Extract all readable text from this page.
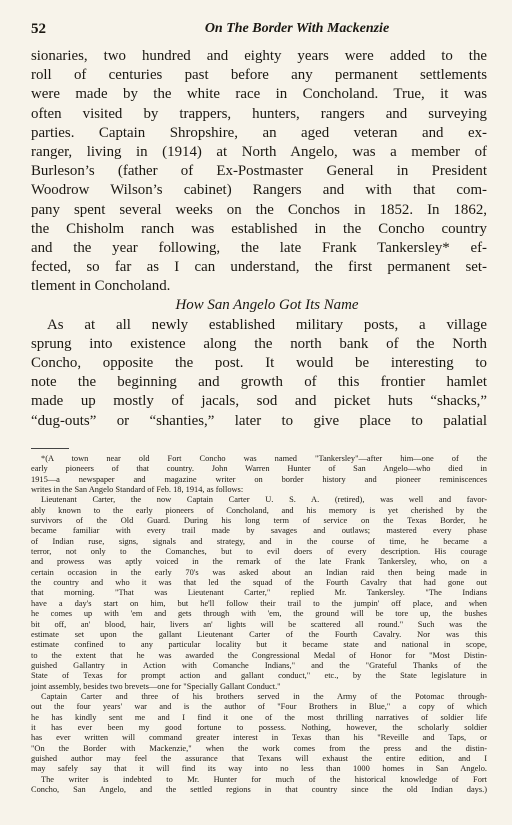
52	On The Border With Mackenzie
sionaries, two hundred and eighty years were added to the
roll of centuries past before any permanent settlements
were made by the white race in Concholand. True, it was
often visited by trappers, hunters, rangers and surveying
parties. Captain Shropshire, an aged veteran and ex-
ranger, living in (1914) at North Angelo, was a member of
Burleson’s (father of Ex-Postmaster General in President
Woodrow Wilson’s cabinet) Rangers and with that com-
pany spent several weeks on the Conchos in 1852. In 1862,
the Chisholm ranch was established in the Concho country
and the year following, the late Frank Tankersley* ef-
fected, so far as I can understand, the first permanent set-
tlement in Concholand.
How San Angelo Got Its Name
As at all newly established military posts, a village
sprung into existence along the north bank of the North
Concho, opposite the post. It would be interesting to
note the beginning and growth of this frontier hamlet
made up mostly of jacals, sod and picket huts “shacks,”
“dug-outs” or “shanties,” later to give place to palatial
*(A town near old Fort Concho was named "Tankersley"—after him—one of the
early pioneers of that country. John Warren Hunter of San Angelo—who died in
1915—a newspaper and magazine writer on border history and pioneer reminiscences
writes in the San Angelo Standard of Feb. 18, 1914, as follows:
Lieutenant Carter, the now Captain Carter U. S. A. (retired), was well and favor-
ably known to the early pioneers of Concholand, and his memory is yet cherished by the
survivors of the Old Guard. During his long term of service on the Texas Border, he
became familiar with every trail made by savages and outlaws; mastered every phase
of Indian ruse, signs, signals and strategy, and in the course of time, he became a
terror, not only to the Comanches, but to evil doers of every description. His courage
and prowess was aptly voiced in the remark of the late Frank Tankersley, who, on a
certain occasion in the early 70's was asked about an Indian raid then being made in
the country and who it was that led the squad of the Fourth Cavalry that had gone out
that morning. "That was Lieutenant Carter," replied Mr. Tankersley. "The Indians
have a day's start on him, but he'll follow their trail to the jumpin' off place, and when
he comes up with 'em and gets through with 'em, the ground will be tore up, the bushes
bit off, an' blood, hair, livers an' lights will be scattered all round." Such was the
estimate set upon the gallant Lieutenant Carter of the Fourth Cavalry. Nor was this
estimate confined to any particular locality but it became state and national in scope,
to the extent that he was awarded the Congressional Medal of Honor for "Most Distin-
guished Gallantry in Action with Comanche Indians," and the "Grateful Thanks of the
State of Texas for prompt action and gallant conduct," etc., by the State legislature in
joint assembly, besides two brevets—one for "Specially Gallant Conduct."
Captain Carter and three of his brothers served in the Army of the Potomac through-
out the four years' war and is the author of "Four Brothers in Blue," a copy of which
he has kindly sent me and I find it one of the most thrilling narratives of soldier life
it has ever been my good fortune to possess. Nothing, however, the scholarly soldier
has ever written will command greater interest in Texas than his "Reveille and Taps, or
"On the Border with Mackenzie," when the work comes from the press and the distin-
guished author may feel the assurance that Texans will exhaust the entire edition, and I
may safely say that it will find its way into no less than 1000 homes in San Angelo.
The writer is indebted to Mr. Hunter for much of the historical knowledge of Fort
Concho, San Angelo, and the settled regions in that country since the old Indian days.)
